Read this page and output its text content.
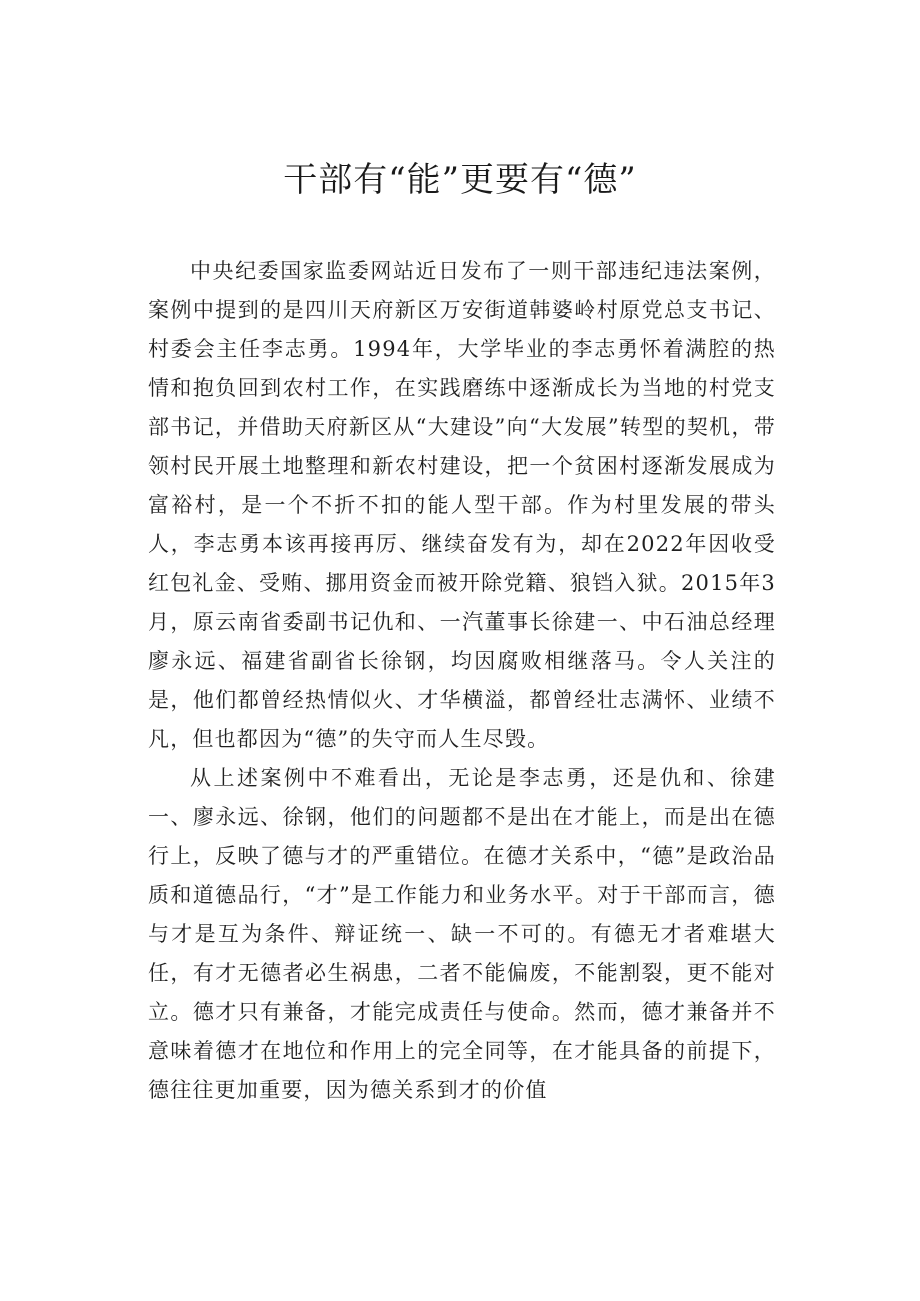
干部有“能”更要有“德”

中央纪委国家监委网站近日发布了一则干部违纪违法案例，案例中提到的是四川天府新区万安街道韩婆岭村原党总支书记、村委会主任李志勇。1994年，大学毕业的李志勇怀着满腔的热情和抱负回到农村工作，在实践磨练中逐渐成长为当地的村党支部书记，并借助天府新区从“大建设”向“大发展”转型的契机，带领村民开展土地整理和新农村建设，把一个贫困村逐渐发展成为富裕村，是一个不折不扣的能人型干部。作为村里发展的带头人，李志勇本该再接再厉、继续奋发有为，却在2022年因收受红包礼金、受贿、挪用资金而被开除党籍、狼铛入狱。2015年3月，原云南省委副书记仇和、一汽董事长徐建一、中石油总经理廖永远、福建省副省长徐钢，均因腐败相继落马。令人关注的是，他们都曾经热情似火、才华横溢，都曾经壮志满怀、业绩不凡，但也都因为“德”的失守而人生尽毁。

从上述案例中不难看出，无论是李志勇，还是仇和、徐建一、廖永远、徐钢，他们的问题都不是出在才能上，而是出在德行上，反映了德与才的严重错位。在德才关系中，“德”是政治品质和道德品行，“才”是工作能力和业务水平。对于干部而言，德与才是互为条件、辩证统一、缺一不可的。有德无才者难堪大任，有才无德者必生祸患，二者不能偏废，不能割裂，更不能对立。德才只有兼备，才能完成责任与使命。然而，德才兼备并不意味着德才在地位和作用上的完全同等，在才能具备的前提下，德往往更加重要，因为德关系到才的价值
